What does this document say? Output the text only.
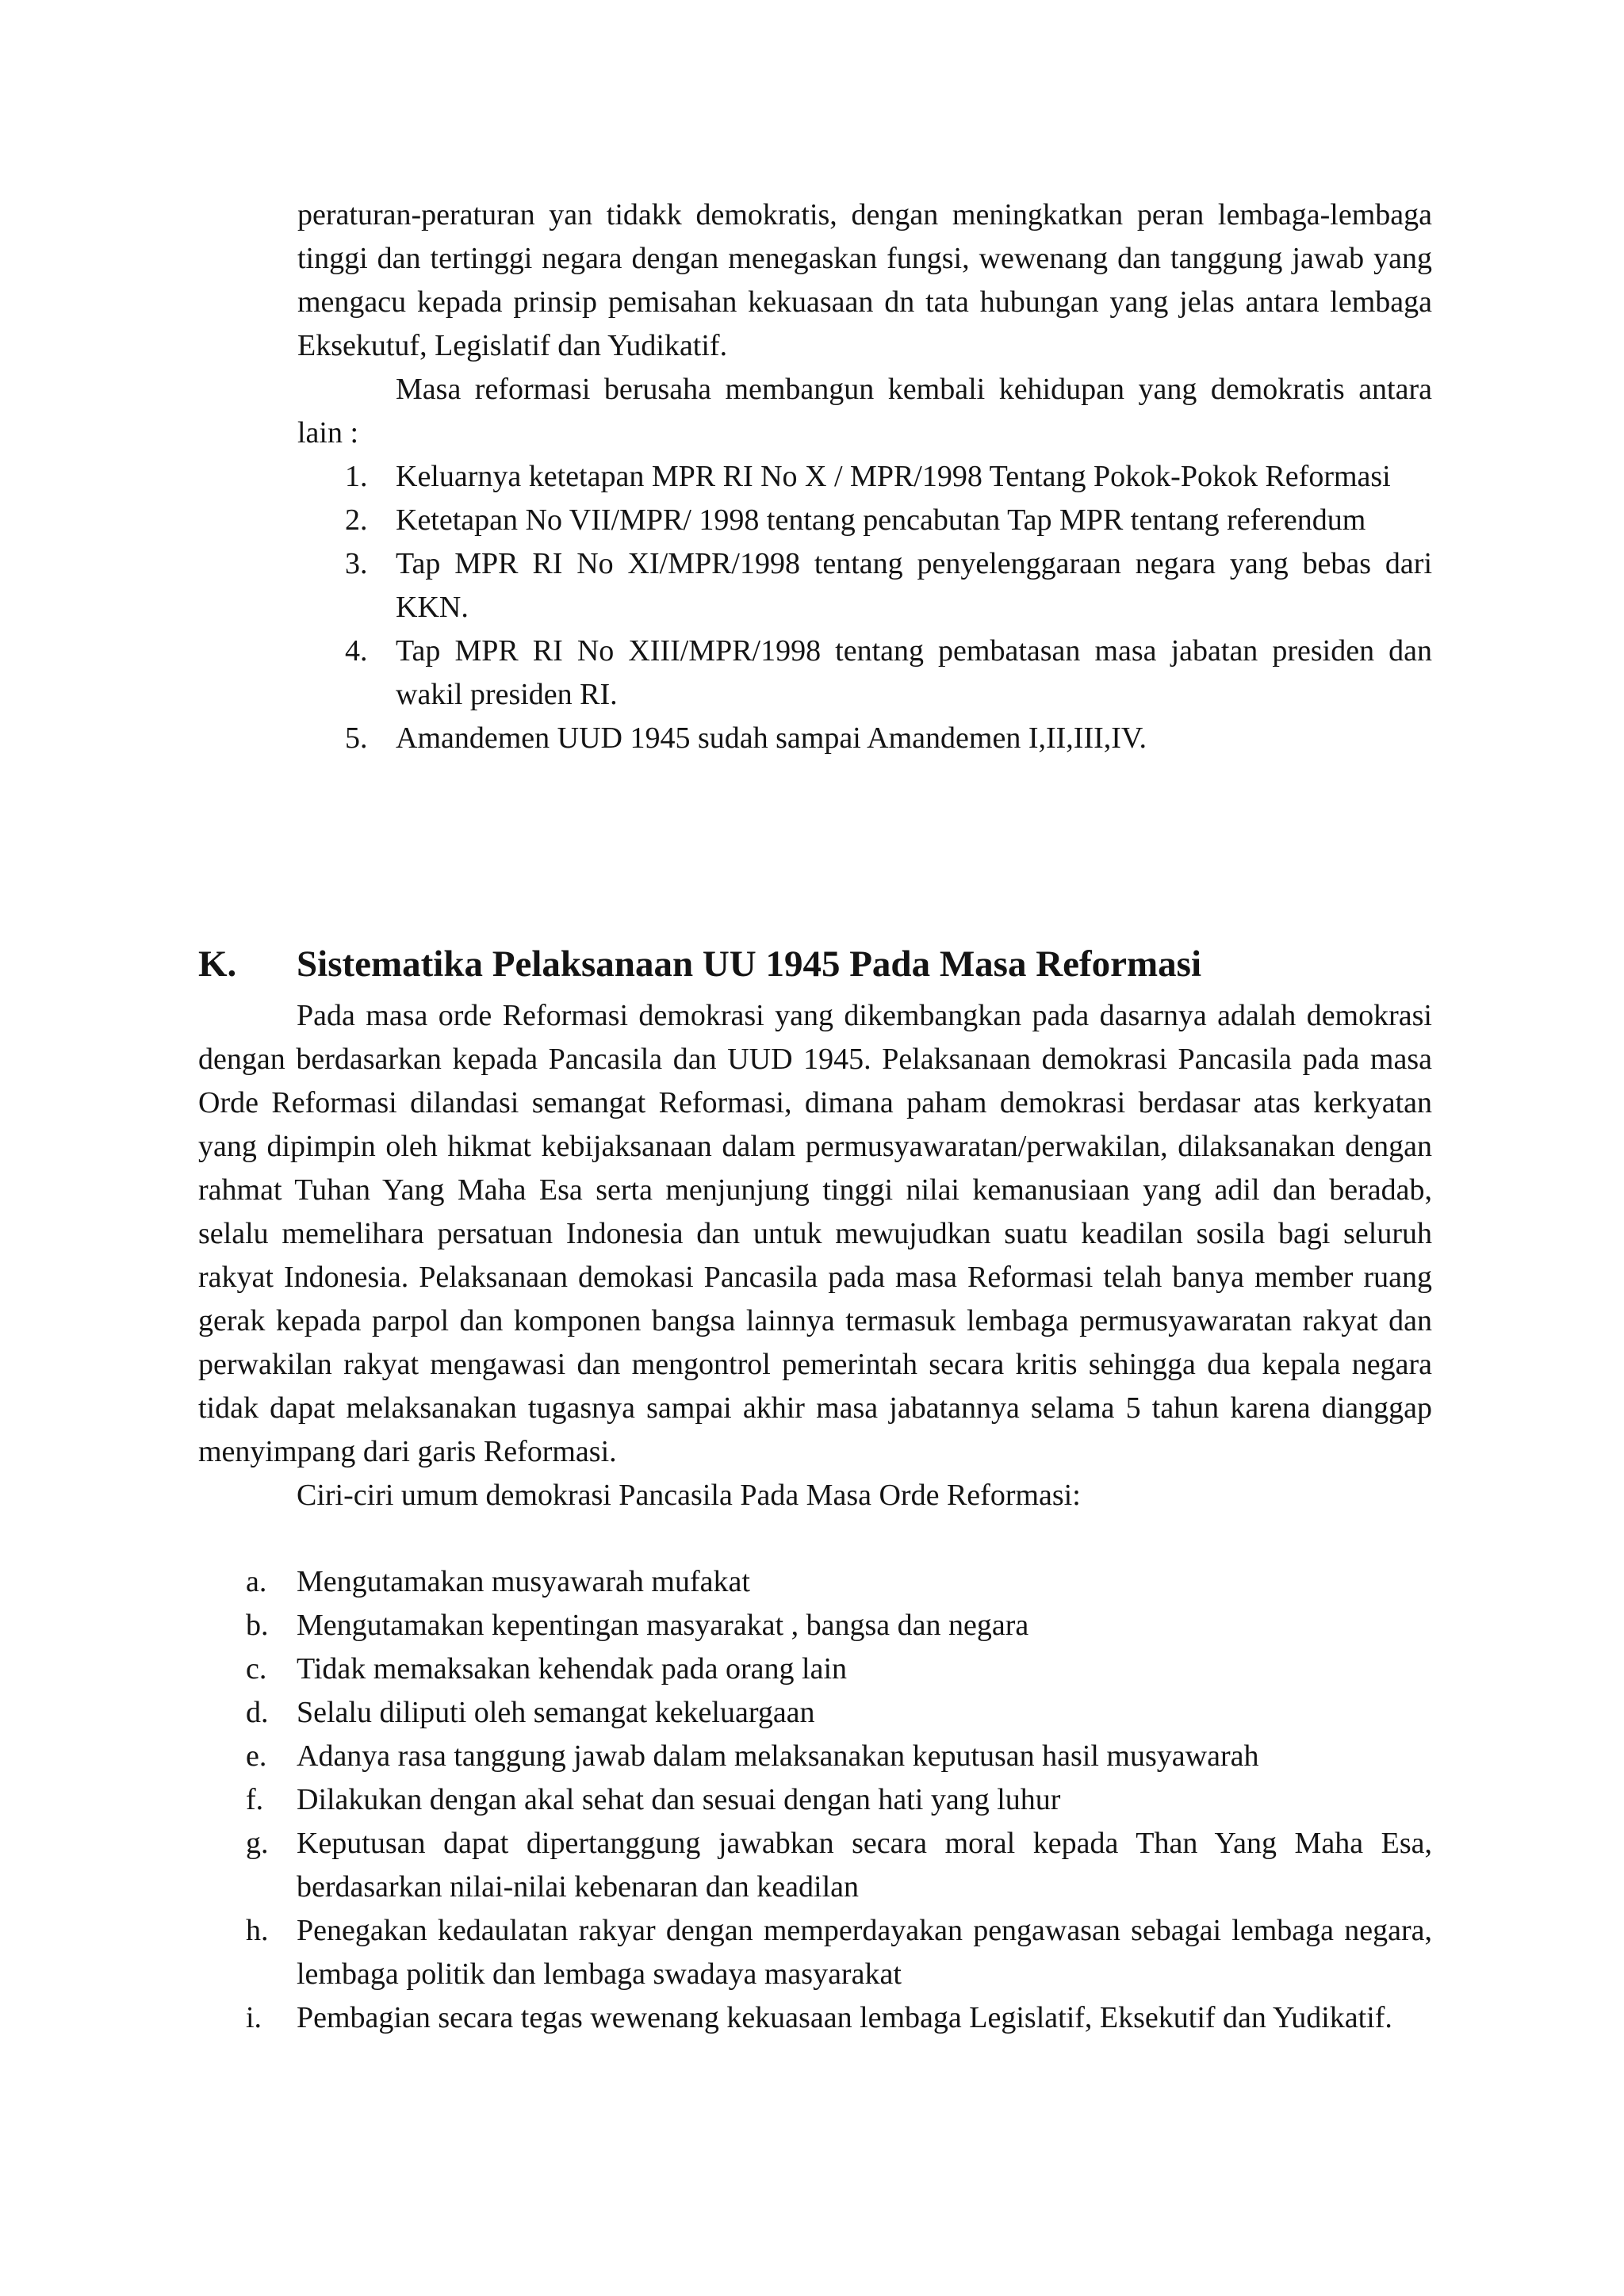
peraturan-peraturan yan tidakk demokratis, dengan meningkatkan peran lembaga-lembaga tinggi dan tertinggi negara dengan menegaskan fungsi, wewenang dan tanggung jawab yang mengacu kepada prinsip pemisahan kekuasaan dn tata hubungan yang jelas antara lembaga Eksekutuf, Legislatif dan Yudikatif.

Masa reformasi berusaha membangun kembali kehidupan yang demokratis antara lain :

1. Keluarnya ketetapan MPR RI No X / MPR/1998 Tentang Pokok-Pokok Reformasi
2. Ketetapan No VII/MPR/ 1998 tentang pencabutan Tap MPR tentang referendum
3. Tap MPR RI No XI/MPR/1998 tentang penyelenggaraan negara yang bebas dari KKN.
4. Tap MPR RI No XIII/MPR/1998 tentang pembatasan masa jabatan presiden dan wakil presiden RI.
5. Amandemen UUD 1945 sudah sampai Amandemen I,II,III,IV.
K. Sistematika Pelaksanaan UU 1945 Pada Masa Reformasi

Pada masa orde Reformasi demokrasi yang dikembangkan pada dasarnya adalah demokrasi dengan berdasarkan kepada Pancasila dan UUD 1945. Pelaksanaan demokrasi Pancasila pada masa Orde Reformasi dilandasi semangat Reformasi, dimana paham demokrasi berdasar atas kerkyatan yang dipimpin oleh hikmat kebijaksanaan dalam permusyawaratan/perwakilan, dilaksanakan dengan rahmat Tuhan Yang Maha Esa serta menjunjung tinggi nilai kemanusiaan yang adil dan beradab, selalu memelihara persatuan Indonesia dan untuk mewujudkan suatu keadilan sosila bagi seluruh rakyat Indonesia. Pelaksanaan demokasi Pancasila pada masa Reformasi telah banya member ruang gerak kepada parpol dan komponen bangsa lainnya termasuk lembaga permusyawaratan rakyat dan perwakilan rakyat mengawasi dan mengontrol pemerintah secara kritis sehingga dua kepala negara tidak dapat melaksanakan tugasnya sampai akhir masa jabatannya selama 5 tahun karena dianggap menyimpang dari garis Reformasi.

Ciri-ciri umum demokrasi Pancasila Pada Masa Orde Reformasi:

a. Mengutamakan musyawarah mufakat
b. Mengutamakan kepentingan masyarakat , bangsa dan negara
c. Tidak memaksakan kehendak pada orang lain
d. Selalu diliputi oleh semangat kekeluargaan
e. Adanya rasa tanggung jawab dalam melaksanakan keputusan hasil musyawarah
f. Dilakukan dengan akal sehat dan sesuai dengan hati yang luhur
g. Keputusan dapat dipertanggung jawabkan secara moral kepada Than Yang Maha Esa, berdasarkan nilai-nilai kebenaran dan keadilan
h. Penegakan kedaulatan rakyar dengan memperdayakan pengawasan sebagai lembaga negara, lembaga politik dan lembaga swadaya masyarakat
i. Pembagian secara tegas wewenang kekuasaan lembaga Legislatif, Eksekutif dan Yudikatif.
